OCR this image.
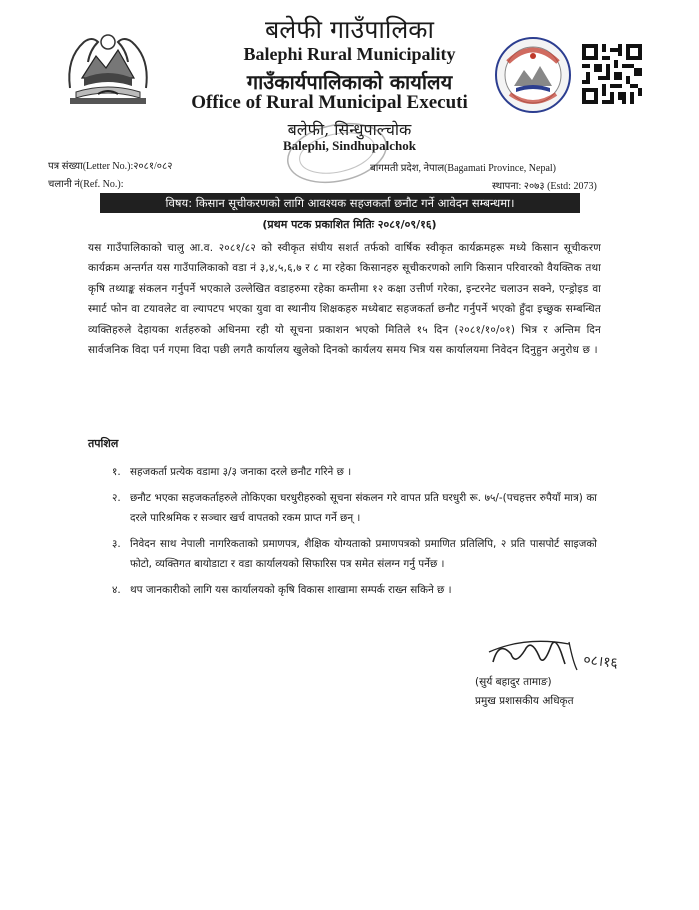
बलेफी गाउँपालिका
Balephi Rural Municipality
गाउँकार्यपालिकाको कार्यालय
Office of Rural Municipal Executi
बलेफी, सिन्धुपाल्चोक
Balephi, Sindhupalchok
पत्र संख्या(Letter No.):२०८१/०८२
चलानी नं(Ref. No.):
बागमती प्रदेश, नेपाल(Bagamati Province, Nepal)
स्थापना: २०७३ (Estd: 2073)
विषय: किसान सूचीकरणको लागि आवश्यक सहजकर्ता छनौट गर्ने आवेदन सम्बन्धमा।
(प्रथम पटक प्रकाशित मितिः २०८१/०९/१६)
यस गाउँपालिकाको चालु आ.व. २०८१/८२ को स्वीकृत संघीय सशर्त तर्फको वार्षिक स्वीकृत कार्यक्रमहरू मध्ये किसान सूचीकरण कार्यक्रम अन्तर्गत यस गाउँपालिकाको वडा नं ३,४,५,६,७ र ८ मा रहेका किसानहरु सूचीकरणको लागि किसान परिवारको वैयक्तिक तथा कृषि तथ्याङ्क संकलन गर्नुपर्ने भएकाले उल्लेखित वडाहरुमा रहेका कम्तीमा १२ कक्षा उत्तीर्ण गरेका, इन्टरनेट चलाउन सक्ने, एन्ड्रोइड वा स्मार्ट फोन वा टयावलेट वा ल्यापटप भएका युवा वा स्थानीय शिक्षकहरु मध्येबाट सहजकर्ता छनौट गर्नुपर्ने भएको हुँदा इच्छुक सम्बन्धित व्यक्तिहरुले देहायका शर्तहरुको अधिनमा रही यो सूचना प्रकाशन भएको मितिले १५ दिन (२०८१/१०/०१) भित्र र अन्तिम दिन सार्वजनिक विदा पर्न गएमा विदा पछी लगतै कार्यालय खुलेको दिनको कार्यलय समय भित्र यस कार्यालयमा निवेदन दिनुहुन अनुरोध छ ।
तपशिल
१. सहजकर्ता प्रत्येक वडामा ३/३ जनाका दरले छनौट गरिने छ ।
२. छनौट भएका सहजकर्ताहरुले तोकिएका घरधुरीहरुको सूचना संकलन गरे वापत प्रति घरधुरी रू. ७५/-(पचहत्तर रुपैयाँ मात्र) का दरले पारिश्रमिक र सञ्चार खर्च वापतको रकम प्राप्त गर्ने छन् ।
३. निवेदन साथ नेपाली नागरिकताको प्रमाणपत्र, शैक्षिक योग्यताको प्रमाणपत्रको प्रमाणित प्रतिलिपि, २ प्रति पासपोर्ट साइजको फोटो, व्यक्तिगत बायोडाटा र वडा कार्यालयको सिफारिस पत्र समेत संलग्न गर्नु पर्नेछ ।
४. थप जानकारीको लागि यस कार्यालयको कृषि विकास शाखामा सम्पर्क राख्न सकिने छ ।
०८।१६
(सुर्य बहादुर तामाङ)
प्रमुख प्रशासकीय अधिकृत
